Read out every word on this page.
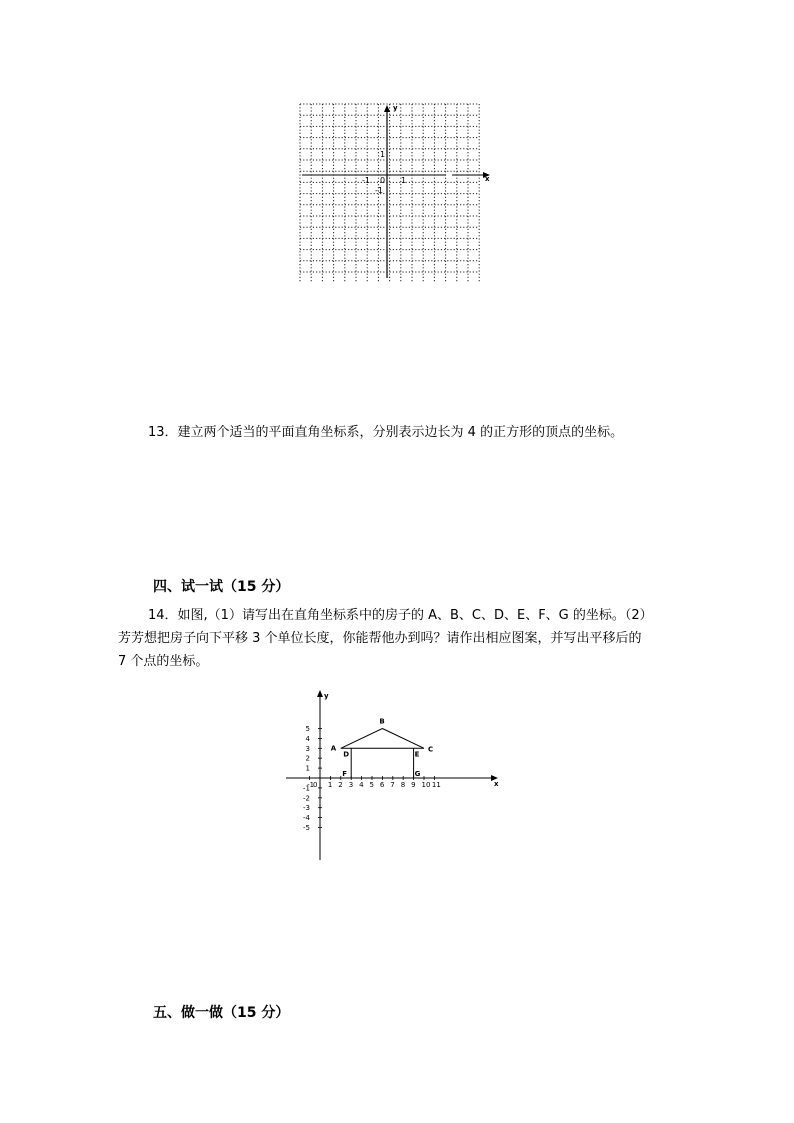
y
x
1
0
-1	1
-1
13．建立两个适当的平面直角坐标系，分别表示边长为 4 的正方形的顶点的坐标。
四、试一试（15 分）
14．如图,（1）请写出在直角坐标系中的房子的 A、B、C、D、E、F、G 的坐标。（2）
芳芳想把房子向下平移 3 个单位长度，你能帮他办到吗？请作出相应图案，并写出平移后的
7 个点的坐标。
y
x
-1
0 1 2 3 4 5 6 7 8 9 10 11
5
4
3
2
1
-1
-2
-3
-4
-5
A
B
C
D	E
F	G
五、做一做（15 分）
